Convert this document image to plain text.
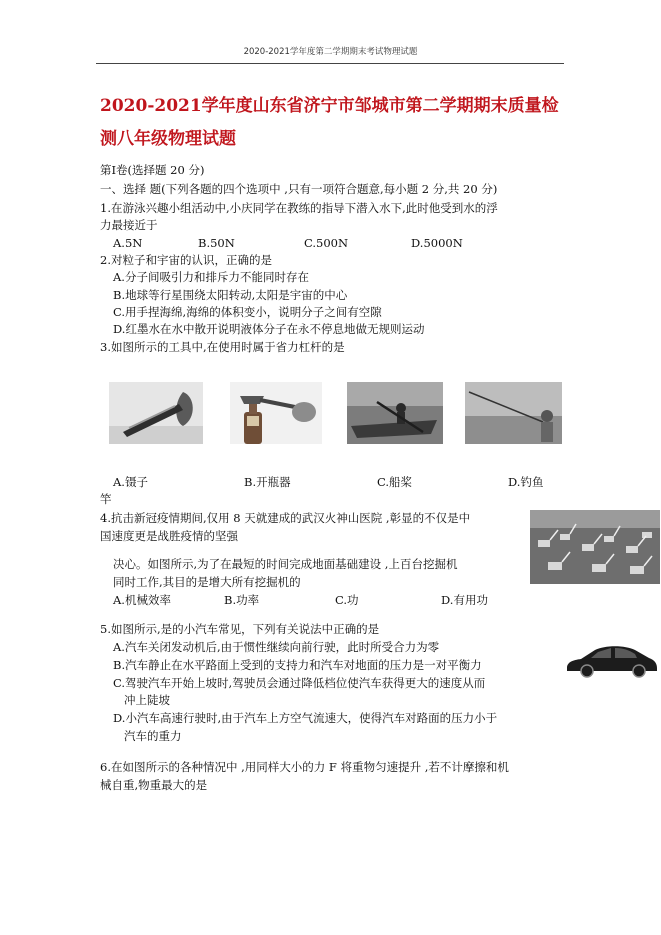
2020-2021学年度第二学期期末考试物理试题
2020-2021学年度山东省济宁市邹城市第二学期期末质量检测八年级物理试题
第Ⅰ卷(选择题 20 分)
一、选择 题(下列各题的四个选项中 ,只有一项符合题意,每小题 2 分,共 20 分)
1.在游泳兴趣小组活动中,小庆同学在教练的指导下潜入水下,此时他受到水的浮
力最接近于
A.5N	B.50N	C.500N	D.5000N
2.对粒子和宇宙的认识，正确的是
A.分子间吸引力和排斥力不能同时存在
B.地球等行星围绕太阳转动,太阳是宇宙的中心
C.用手捏海绵,海绵的体积变小，说明分子之间有空隙
D.红墨水在水中散开说明液体分子在永不停息地做无规则运动
3.如图所示的工具中,在使用时属于省力杠杆的是
A.镊子	B.开瓶器	C.船桨	D.钓鱼
竿
4.抗击新冠疫情期间,仅用 8 天就建成的武汉火神山医院 ,彰显的不仅是中
国速度更是战胜疫情的坚强
决心。如图所示,为了在最短的时间完成地面基础建设 ,上百台挖掘机
同时工作,其目的是增大所有挖掘机的
A.机械效率	B.功率	C.功	D.有用功
5.如图所示,是的小汽车常见，下列有关说法中正确的是
A.汽车关闭发动机后,由于惯性继续向前行驶，此时所受合力为零
B.汽车静止在水平路面上受到的支持力和汽车对地面的压力是一对平衡力
C.驾驶汽车开始上坡时,驾驶员会通过降低档位使汽车获得更大的速度从而
冲上陡坡
D.小汽车高速行驶时,由于汽车上方空气流速大，使得汽车对路面的压力小于
汽车的重力
6.在如图所示的各种情况中 ,用同样大小的力 F 将重物匀速提升 ,若不计摩擦和机
械自重,物重最大的是
